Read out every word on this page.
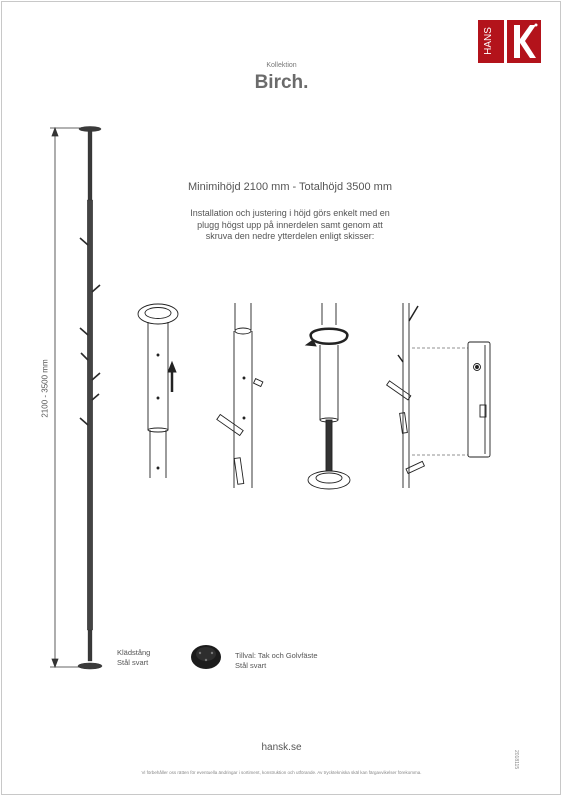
HANS
Kollektion
Birch.
Minimihöjd 2100 mm - Totalhöjd 3500 mm
Installation och justering i höjd görs enkelt med en
plugg högst upp på innerdelen samt genom att
skruva den nedre ytterdelen enligt skisser:
2100 - 3500 mm
Klädstång
Stål svart
Tillval: Tak och Golvfäste
Stål svart
hansk.se
Vi förbehåller oss rätten för eventuella ändringar i sortiment, konstruktion och utförande. Av trycktekniska skäl kan färgavvikelser förekomma.
2018115
